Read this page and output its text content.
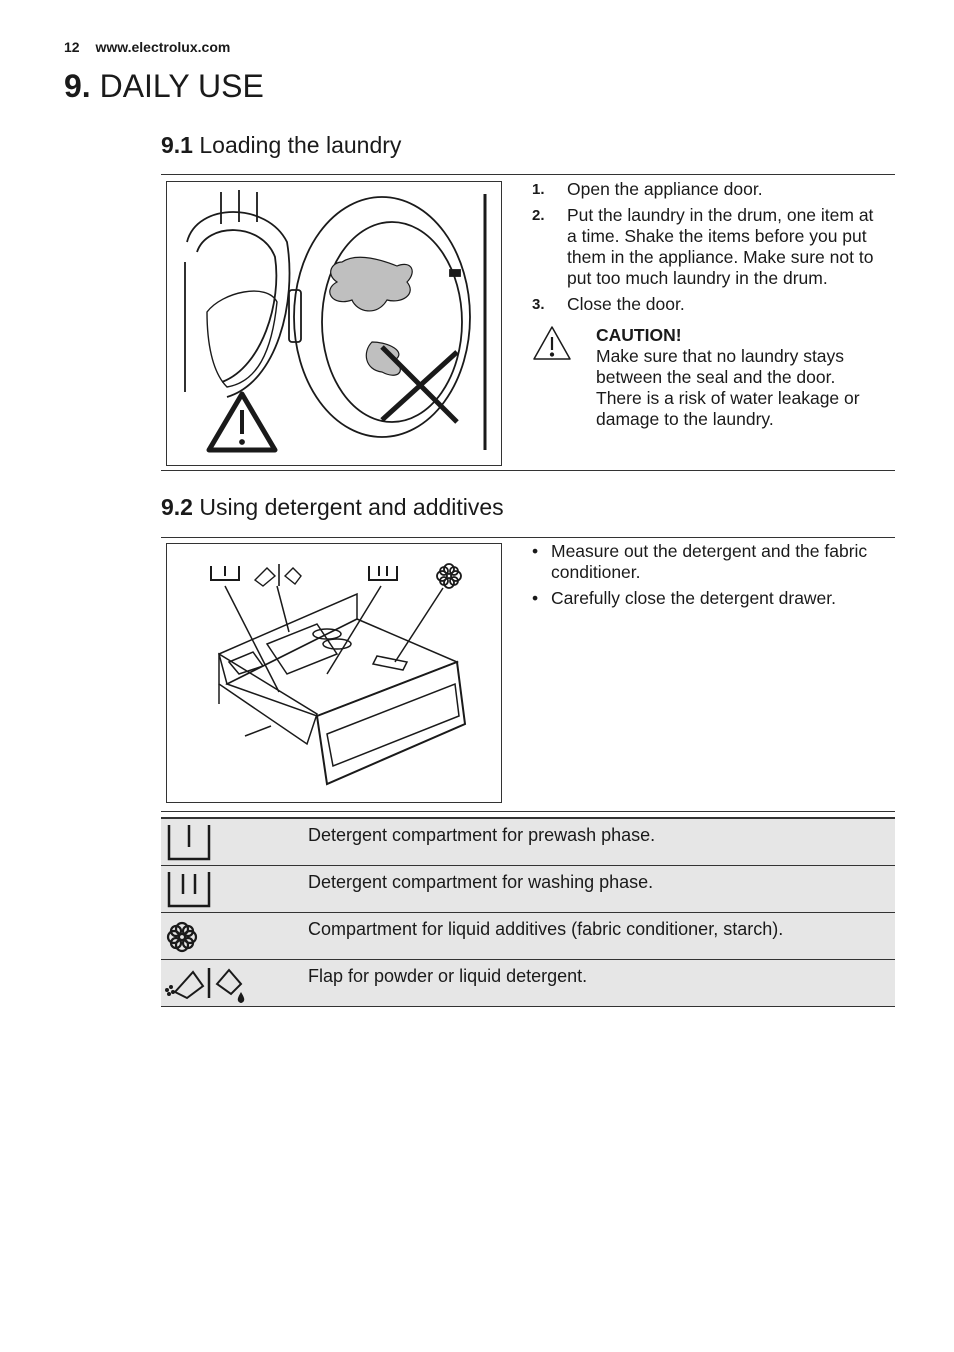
12 www.electrolux.com
9. DAILY USE
9.1 Loading the laundry
1.	Open the appliance door.
2.	Put the laundry in the drum, one item at a time. Shake the items before you put them in the appliance. Make sure not to put too much laundry in the drum.
3.	Close the door.
CAUTION!
Make sure that no laundry stays between the seal and the door. There is a risk of water leakage or damage to the laundry.
9.2 Using detergent and additives
• Measure out the detergent and the fabric conditioner.
• Carefully close the detergent drawer.
Detergent compartment for prewash phase.
Detergent compartment for washing phase.
Compartment for liquid additives (fabric conditioner, starch).
Flap for powder or liquid detergent.
